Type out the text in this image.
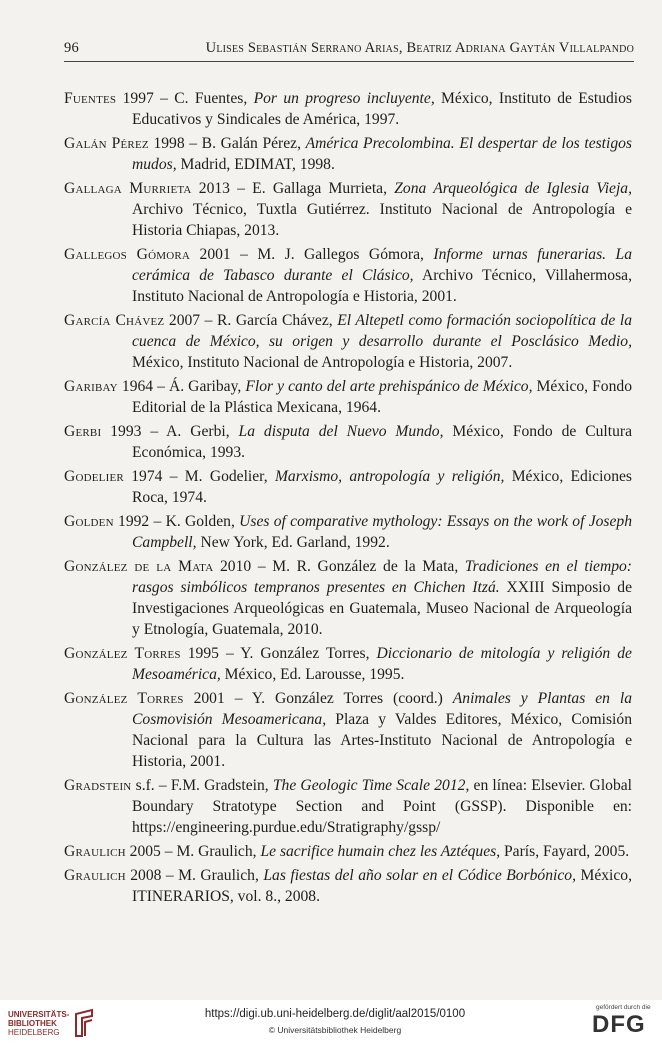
96	Ulises Sebastián Serrano Arias, Beatriz Adriana Gaytán Villalpando

Fuentes 1997 – C. Fuentes, Por un progreso incluyente, México, Instituto de Estudios Educativos y Sindicales de América, 1997.

Galán Pérez 1998 – B. Galán Pérez, América Precolombina. El despertar de los testigos mudos, Madrid, EDIMAT, 1998.

Gallaga Murrieta 2013 – E. Gallaga Murrieta, Zona Arqueológica de Iglesia Vieja, Archivo Técnico, Tuxtla Gutiérrez. Instituto Nacional de Antropología e Historia Chiapas, 2013.

Gallegos Gómora 2001 – M. J. Gallegos Gómora, Informe urnas funerarias. La cerámica de Tabasco durante el Clásico, Archivo Técnico, Villahermosa, Instituto Nacional de Antropología e Historia, 2001.

García Chávez 2007 – R. García Chávez, El Altepetl como formación sociopolítica de la cuenca de México, su origen y desarrollo durante el Posclásico Medio, México, Instituto Nacional de Antropología e Historia, 2007.

Garibay 1964 – Á. Garibay, Flor y canto del arte prehispánico de México, México, Fondo Editorial de la Plástica Mexicana, 1964.

Gerbi 1993 – A. Gerbi, La disputa del Nuevo Mundo, México, Fondo de Cultura Económica, 1993.

Godelier 1974 – M. Godelier, Marxismo, antropología y religión, México, Ediciones Roca, 1974.

Golden 1992 – K. Golden, Uses of comparative mythology: Essays on the work of Joseph Campbell, New York, Ed. Garland, 1992.

González de la Mata 2010 – M. R. González de la Mata, Tradiciones en el tiempo: rasgos simbólicos tempranos presentes en Chichen Itzá. XXIII Simposio de Investigaciones Arqueológicas en Guatemala, Museo Nacional de Arqueología y Etnología, Guatemala, 2010.

González Torres 1995 – Y. González Torres, Diccionario de mitología y religión de Mesoamérica, México, Ed. Larousse, 1995.

González Torres 2001 – Y. González Torres (coord.) Animales y Plantas en la Cosmovisión Mesoamericana, Plaza y Valdes Editores, México, Comisión Nacional para la Cultura las Artes-Instituto Nacional de Antropología e Historia, 2001.

Gradstein s.f. – F.M. Gradstein, The Geologic Time Scale 2012, en línea: Elsevier. Global Boundary Stratotype Section and Point (GSSP). Disponible en: https://engineering.purdue.edu/Stratigraphy/gssp/

Graulich 2005 – M. Graulich, Le sacrifice humain chez les Aztéques, París, Fayard, 2005.

Graulich 2008 – M. Graulich, Las fiestas del año solar en el Códice Borbónico, México, ITINERARIOS, vol. 8., 2008.

UNIVERSITÄTS-
BIBLIOTHEK
HEIDELBERG
https://digi.ub.uni-heidelberg.de/diglit/aal2015/0100
© Universitätsbibliothek Heidelberg
gefördert durch die
DFG
